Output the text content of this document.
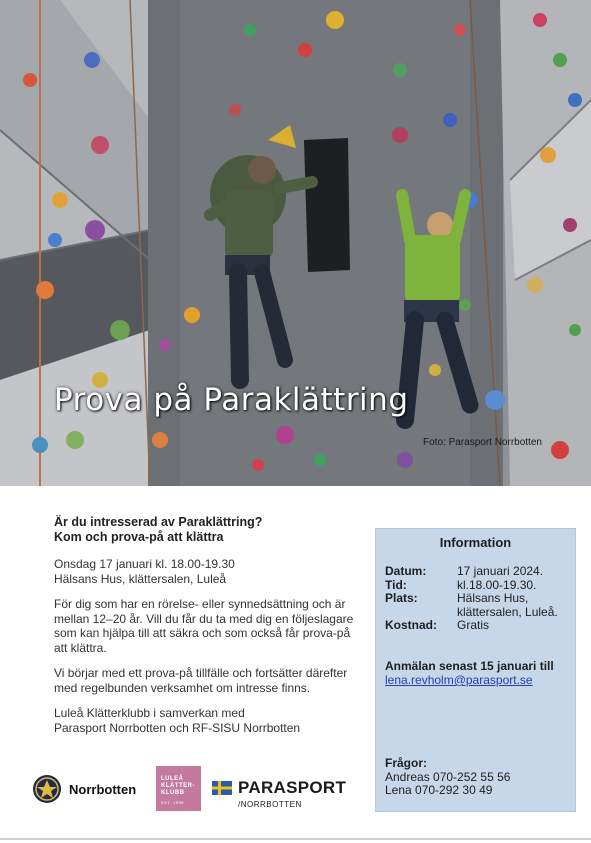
Prova på Paraklättring
Foto: Parasport Norrbotten
Är du intresserad av Paraklättring?
Kom och prova-på att klättra
Onsdag 17 januari kl. 18.00-19.30
Hälsans Hus, klättersalen, Luleå
För dig som har en rörelse- eller synnedsättning och är
mellan 12–20 år. Vill du får du ta med dig en följeslagare
som kan hjälpa till att säkra och som också får prova-på
att klättra.
Vi börjar med ett prova-på tillfälle och fortsätter därefter
med regelbunden verksamhet om intresse finns.
Luleå Klätterklubb i samverkan med
Parasport Norrbotten och RF-SISU Norrbotten
Information
Datum:	17 januari 2024.
Tid:	kl.18.00-19.30.
Plats:	Hälsans Hus,
klättersalen, Luleå.
Kostnad:	Gratis
Anmälan senast 15 januari till
lena.revholm@parasport.se
Frågor:
Andreas 070-252 55 56
Lena 070-292 30 49
Norrbotten
LULEÅ
KLÄTTER-
KLUBB
EST. 1998
PARASPORT
/NORRBOTTEN
